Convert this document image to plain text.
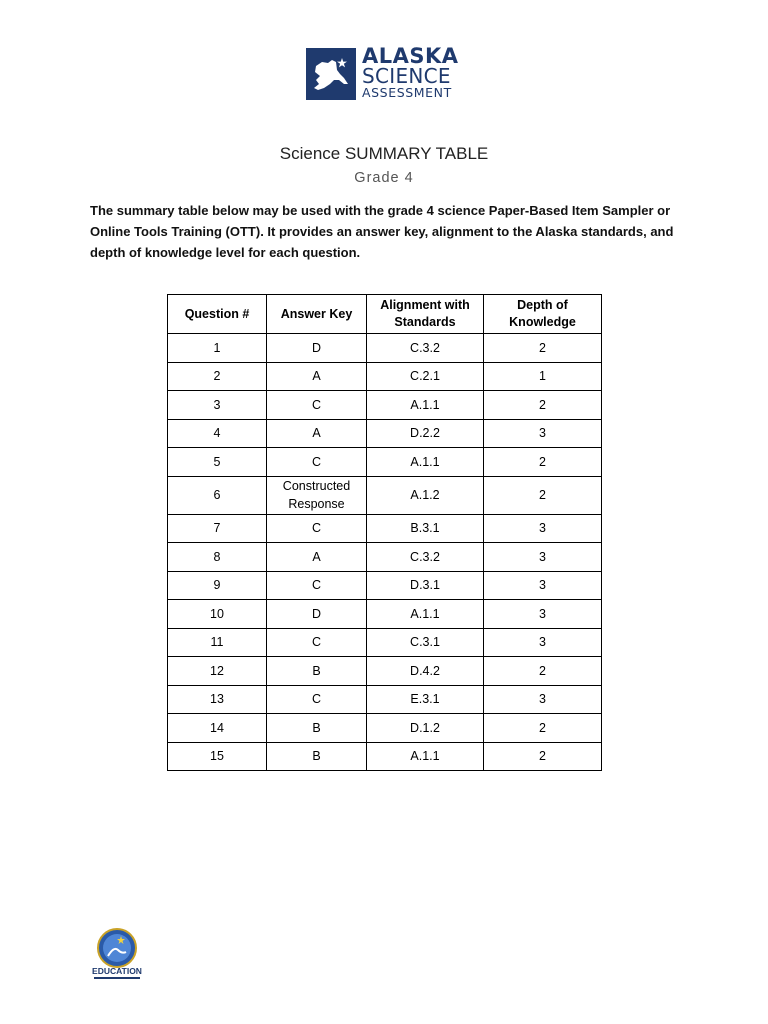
ALASKA
SCIENCE
ASSESSMENT
Science SUMMARY TABLE
Grade 4
The summary table below may be used with the grade 4 science Paper-Based Item Sampler or Online Tools Training (OTT). It provides an answer key, alignment to the Alaska standards, and depth of knowledge level for each question.
Question #	Answer Key	Alignment with Standards	Depth of Knowledge
1	D	C.3.2	2
2	A	C.2.1	1
3	C	A.1.1	2
4	A	D.2.2	3
5	C	A.1.1	2
6	Constructed Response	A.1.2	2
7	C	B.3.1	3
8	A	C.3.2	3
9	C	D.3.1	3
10	D	A.1.1	3
11	C	C.3.1	3
12	B	D.4.2	2
13	C	E.3.1	3
14	B	D.1.2	2
15	B	A.1.1	2
EDUCATION
